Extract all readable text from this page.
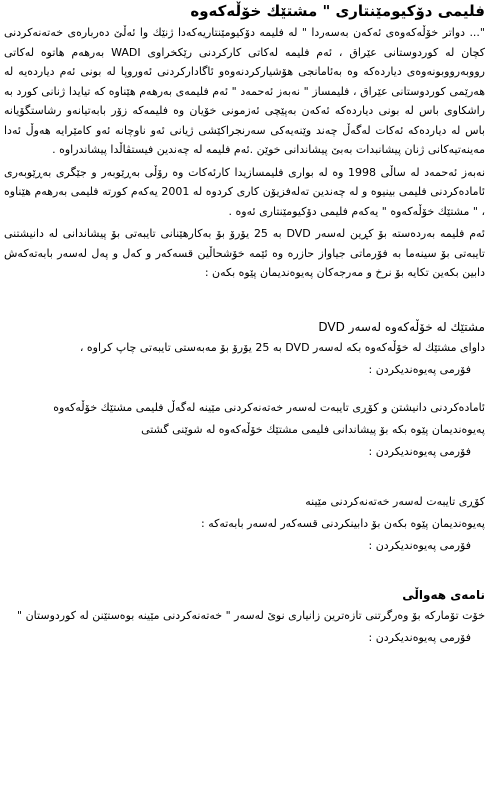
فلیمی دۆكیومێنتاری " مشتێك خۆڵەكەوە

"... دواتر خۆڵەكەوەی ئەكەن بەسەردا " لە فلیمە دۆكیومێنتاریەكەدا ژنێك وا ئەڵێ دەربارەی خەتەنەكردنی كچان لە كوردوستانی عێراق ، ئەم فلیمە لەكاتی كاركردنی رێكخراوی WADI بەرهەم هاتوە لەكاتی رووبەرووبونەوەی دیاردەكە وە بەئامانجی هۆشیاركردنەوەو ئاگاداركردنی ئەوروپا لە بونی ئەم دیاردەیە لە هەرێمی كوردوستانی عێراق ، فلیمساز " نەبەز ئەحمەد " ئەم فلیمەی بەرهەم هێناوە كە تیایدا ژنانی كورد بە راشكاوی باس لە بونی دیاردەكە ئەكەن بەپێچی ئەزمونی خۆیان وە فلیمەكە زۆر بابەتیانەو رشاستگۆیانە باس لە دیاردەكە ئەكات لەگەڵ چەند وێنەیەكی سەرنجراكێشی ژیانی ئەو ناوچانە ئەو كامێرایە هەوڵ ئەدا مەینەتیەكانی ژنان پیشانبدات بەبێ پیشاندانی خوێن .ئەم فلیمە لە چەندین فیستڤاڵدا پیشاندراوە .

نەبەز ئەحمەد لە ساڵی 1998 وە لە بواری فلیمسازیدا كارئەكات وە رۆڵی بەڕێوبەر و جێگری بەڕێوبەری ئامادەكردنی فلیمی بینیوە و لە چەندین تەلەفزیۆن كاری كردوە لە 2001 یەكەم كورتە فلیمی بەرهەم هێناوە ، " مشتێك خۆڵەكەوە " یەكەم فلیمی دۆكیومێنتاری ئەوە .

ئەم فلیمە بەردەستە بۆ كڕین لەسەر DVD بە 25 یۆرۆ بۆ بەكارهێنانی تایبەتی بۆ پیشاندانی لە دانیشتنی تایبەتی بۆ سینەما بە فۆرماتی جیاواز حازرە وە ئێمە خۆشحاڵین قسەكەر و كەل و پەل لەسەر بابەتەكەش دابین بكەین تكایە بۆ نرخ و مەرجەكان پەیوەندیمان پێوە بكەن :

مشتێك لە خۆڵەكەوە لەسەر DVD

داوای مشتێك لە خۆڵەكەوە بكە لەسەر DVD بە 25 یۆرۆ بۆ مەبەستی تایبەتی چاپ كراوە ،

فۆرمی پەیوەندیكردن :

ئامادەكردنی دانیشتن و كۆڕی تایبەت لەسەر خەتەنەكردنی مێینە لەگەڵ فلیمی مشتێك خۆڵەكەوە

پەیوەندیمان پێوە بكە بۆ پیشاندانی فلیمی مشتێك خۆڵەكەوە لە شوێنی گشتی

فۆرمی پەیوەندیكردن :

كۆڕی تایبەت لەسەر خەتەنەكردنی مێینە

پەیوەندیمان پێوە بكەن بۆ دابینكردنی قسەكەر لەسەر بابەتەكە :

فۆرمی پەیوەندیكردن :

نامەی هەواڵی

خۆت تۆماركە بۆ وەرگرتنی تازەترین زانیاری نوێ لەسەر " خەتەنەكردنی مێینە بوەستێنن لە كوردوستان "

فۆرمی پەیوەندیكردن :
